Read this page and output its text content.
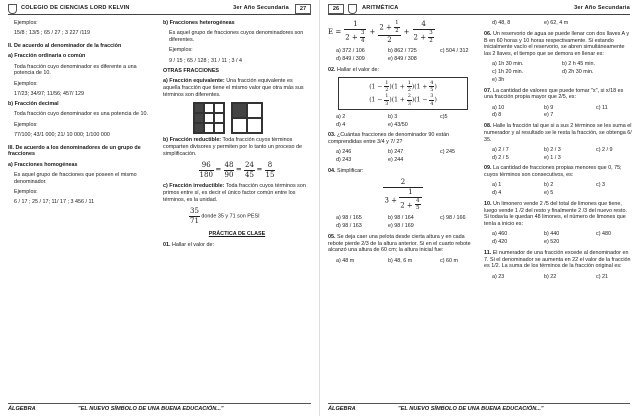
COLEGIO DE CIENCIAS LORD KELVIN	3er Año Secundaria	27

Ejemplos:

15/8 ; 13/5 ; 65 / 27 ; 3 227 /119

II. De acuerdo al denominador de la fracción

a) Fracción ordinaria o común

Toda fracción cuyo denominador es diferente a una potencia de 10.

Ejemplos:

17/23; 34/97; 11/56; 457/ 129

b) Fracción decimal

Toda fracción cuyo denominador es una potencia de 10.

Ejemplos:

77/100; 43/1 000; 21/ 10 000; 1/100 000

III. De acuerdo a los denominadores de un grupo de fracciones

a) Fracciones homogéneas

Es aquel grupo de fracciones que poseen el mismo denominador.

Ejemplos:

6 / 17 ; 25 / 17; 11/ 17 ; 3 456 / 11

b) Fracciones heterogéneas

Es aquel grupo de fracciones cuyos denominadores son diferentes.

Ejemplos:

9 / 15 ; 65 / 128 ; 31 / 11 ; 3 / 4

OTRAS FRACCIONES

a) Fracción equivalente: Una fracción equivalente es aquella fracción que tiene el mismo valor que otra más sus términos son diferentes.

b) Fracción reductible: Toda fracción cuyos términos comparten divisores y permiten por lo tanto un proceso de simplificación.

$\frac{96}{180} = \frac{48}{90} = \frac{24}{45} = \frac{8}{15}$

c) Fracción irreductible: Toda fracción cuyos términos son primos entre sí, es decir el único factor común entre los términos, es la unidad.

$\frac{35}{71}$ donde 35 y 71 son PESI

PRÁCTICA DE CLASE

01. Hallar el valor de:

ÁLGEBRA	"EL NUEVO SÍMBOLO DE UNA BUENA EDUCACIÓN..."
26	ARITMÉTICA	3er Año Secundaria
$E = \frac{1}{2 + \frac{3}{4}} + \frac{2 + \frac{1}{2}}{2} + \frac{4}{2 + \frac{3}{2}}$
a) 372 / 106	b) 862 / 725	c) 504 / 312
d) 849 / 309	e) 849 / 308

02. Hallar el valor de:

$(1 - \frac{1}{2} )(1 + \frac{1}{2} )(1 + \frac{4}{5}$ )
$(1 - \frac{1}{3} )(1 + \frac{2}{3} )(1 - \frac{3}{4}$ )
a) 2	b) 3	c)5
d) 4	e) 43/50

03. ¿Cuántas fracciones de denominador 90 están comprendidas entre 3/4 y 7/ 2?

a) 246	b) 247	c) 245
d) 243	e) 244

04. Simplificar:

$\frac{2}{3 + \frac{1}{2 + \frac{4}{5}}}$
a) 98 / 165	b) 98 / 164	c) 98 / 166
d) 98 / 163	e) 98 / 169

05. Se deja caer una pelota desde cierta altura y en cada rebote pierde 2/3 de la altura anterior. Si en el cuarto rebote alcanzó una altura de 60 cm; la altura inicial fue:

a) 48 m	b) 48, 6 m	c) 60 m
d) 48, 8	e) 62, 4 m

06. Un reservorio de agua se puede llenar con dos llaves A y B en 60 horas y 10 horas respectivamente. Si estando inicialmente vacío el reservorio, se abren simultáneamente las 2 llaves, el tiempo que se demora en llenar es:

a) 1h 30 min.	b) 2 h 45 min.
c) 1h 20 min.	d) 2h 30 min.
e) 3h

07. La cantidad de valores que puede tomar "x", si x/18 es una fracción propia mayor que 2/5, es:

a) 10	b) 9	c) 11
d) 8	e) 7

08. Halle la fracción tal que si a sus 2 términos se les suma el numerador y al resultado se le resta la fracción, se obtenga 6/ 35.

a) 2 / 7	b) 2 / 3	c) 2 / 9
d) 2 / 5	e) 1 / 3

09. La cantidad de fracciones propias menores que 0, 75; cuyos términos son consecutivos, es:

a) 1	b) 2	c) 3
d) 4	e) 5

10. Un limonero vende 2 /5 del total de limones que tiene, luego vende 1 /2 del resto y finalmente 2 /3 del nuevo resto. Si todavía le quedan 48 limones, el número de limones que tenía a inicio es:

a) 460	b) 440	c) 480
d) 420	e) 520

11. El numerador de una fracción excede al denominador en 7. Si el denominador se aumenta en 22 el valor de la fracción es 1/2. La suma de los términos de la fracción original es:

a) 23	b) 22	c) 21
ÁLGEBRA	"EL NUEVO SÍMBOLO DE UNA BUENA EDUCACIÓN..."
